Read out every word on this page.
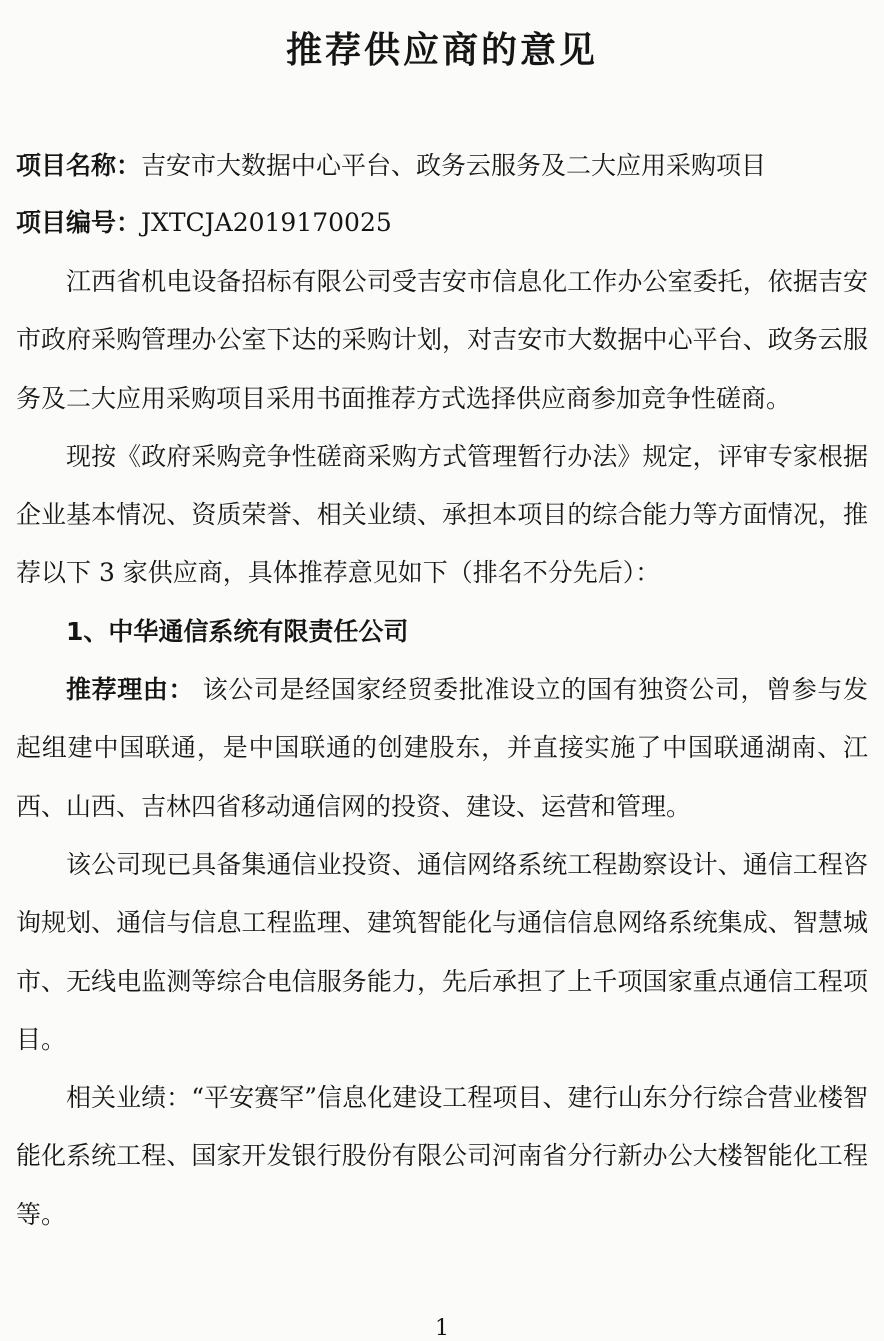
推荐供应商的意见
项目名称：吉安市大数据中心平台、政务云服务及二大应用采购项目
项目编号：JXTCJA2019170025

江西省机电设备招标有限公司受吉安市信息化工作办公室委托，依据吉安市政府采购管理办公室下达的采购计划，对吉安市大数据中心平台、政务云服务及二大应用采购项目采用书面推荐方式选择供应商参加竞争性磋商。

现按《政府采购竞争性磋商采购方式管理暂行办法》规定，评审专家根据企业基本情况、资质荣誉、相关业绩、承担本项目的综合能力等方面情况，推荐以下 3 家供应商，具体推荐意见如下（排名不分先后）：

1、中华通信系统有限责任公司

推荐理由： 该公司是经国家经贸委批准设立的国有独资公司，曾参与发起组建中国联通，是中国联通的创建股东，并直接实施了中国联通湖南、江西、山西、吉林四省移动通信网的投资、建设、运营和管理。

该公司现已具备集通信业投资、通信网络系统工程勘察设计、通信工程咨询规划、通信与信息工程监理、建筑智能化与通信信息网络系统集成、智慧城市、无线电监测等综合电信服务能力，先后承担了上千项国家重点通信工程项目。

相关业绩：“平安赛罕”信息化建设工程项目、建行山东分行综合营业楼智能化系统工程、国家开发银行股份有限公司河南省分行新办公大楼智能化工程等。

1
